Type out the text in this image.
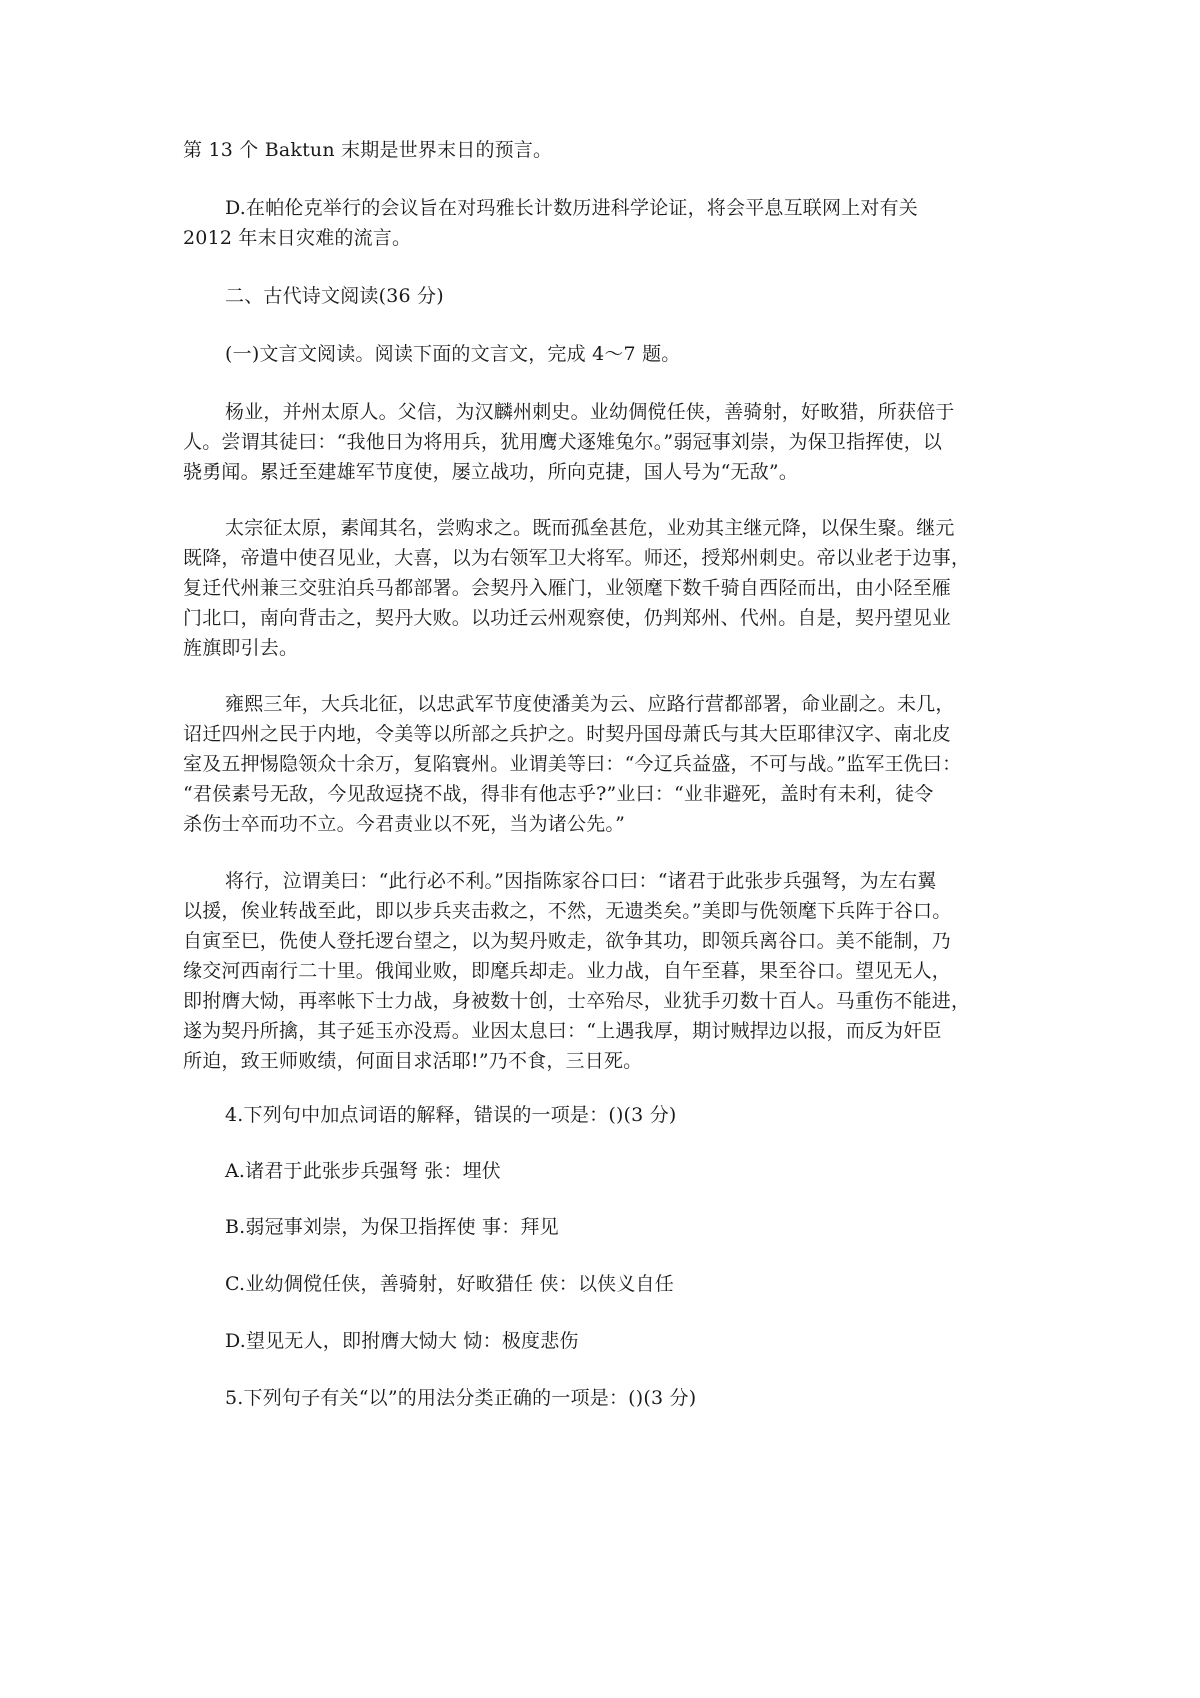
第 13 个 Baktun 末期是世界末日的预言。

D.在帕伦克举行的会议旨在对玛雅长计数历进科学论证，将会平息互联网上对有关
2012 年末日灾难的流言。

二、古代诗文阅读(36 分)

(一)文言文阅读。阅读下面的文言文，完成 4～7 题。

杨业，并州太原人。父信，为汉麟州刺史。业幼倜傥任侠，善骑射，好畋猎，所获倍于
人。尝谓其徒曰：“我他日为将用兵，犹用鹰犬逐雉兔尔。”弱冠事刘崇，为保卫指挥使，以
骁勇闻。累迁至建雄军节度使，屡立战功，所向克捷，国人号为“无敌”。

太宗征太原，素闻其名，尝购求之。既而孤垒甚危，业劝其主继元降，以保生聚。继元
既降，帝遣中使召见业，大喜，以为右领军卫大将军。师还，授郑州刺史。帝以业老于边事，
复迁代州兼三交驻泊兵马都部署。会契丹入雁门，业领麾下数千骑自西陉而出，由小陉至雁
门北口，南向背击之，契丹大败。以功迁云州观察使，仍判郑州、代州。自是，契丹望见业
旌旗即引去。

雍熙三年，大兵北征，以忠武军节度使潘美为云、应路行营都部署，命业副之。未几，
诏迁四州之民于内地，令美等以所部之兵护之。时契丹国母萧氏与其大臣耶律汉字、南北皮
室及五押惕隐领众十余万，复陷寰州。业谓美等曰：“今辽兵益盛，不可与战。”监军王侁曰：
“君侯素号无敌，今见敌逗挠不战，得非有他志乎?”业曰：“业非避死，盖时有未利，徒令
杀伤士卒而功不立。今君责业以不死，当为诸公先。”

将行，泣谓美曰：“此行必不利。”因指陈家谷口曰：“诸君于此张步兵强弩，为左右翼
以援，俟业转战至此，即以步兵夹击救之，不然，无遗类矣。”美即与侁领麾下兵阵于谷口。
自寅至巳，侁使人登托逻台望之，以为契丹败走，欲争其功，即领兵离谷口。美不能制，乃
缘交河西南行二十里。俄闻业败，即麾兵却走。业力战，自午至暮，果至谷口。望见无人，
即拊膺大恸，再率帐下士力战，身被数十创，士卒殆尽，业犹手刃数十百人。马重伤不能进，
遂为契丹所擒，其子延玉亦没焉。业因太息曰：“上遇我厚，期讨贼捍边以报，而反为奸臣
所迫，致王师败绩，何面目求活耶!”乃不食，三日死。

4.下列句中加点词语的解释，错误的一项是：()(3 分)

A.诸君于此张步兵强弩 张：埋伏

B.弱冠事刘崇，为保卫指挥使 事：拜见

C.业幼倜傥任侠，善骑射，好畋猎任 侠：以侠义自任

D.望见无人，即拊膺大恸大 恸：极度悲伤

5.下列句子有关“以”的用法分类正确的一项是：()(3 分)
